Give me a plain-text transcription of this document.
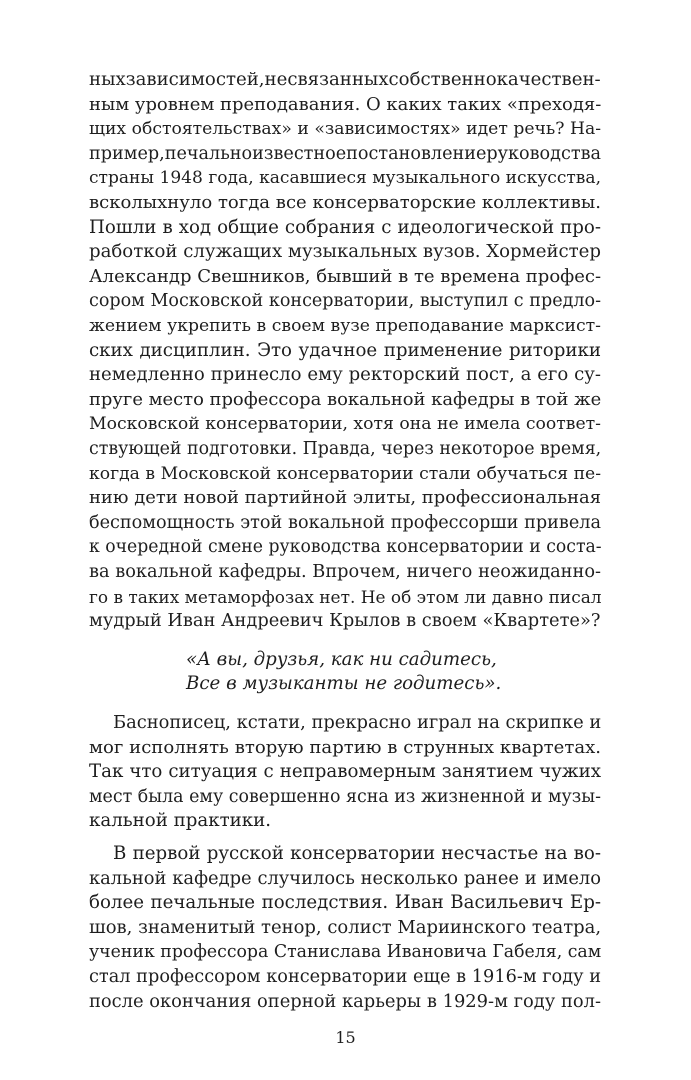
ныхзависимостей,несвязанныхсобственнокачествен-
ным уровнем преподавания. О каких таких «преходя-
щих обстоятельствах» и «зависимостях» идет речь? На-
пример,печальноизвестноепостановлениеруководства
страны 1948 года, касавшиеся музыкального искусства,
всколыхнуло тогда все консерваторские коллективы.
Пошли в ход общие собрания с идеологической про-
работкой служащих музыкальных вузов. Хормейстер
Александр Свешников, бывший в те времена профес-
сором Московской консерватории, выступил с предло-
жением укрепить в своем вузе преподавание марксист-
ских дисциплин. Это удачное применение риторики
немедленно принесло ему ректорский пост, а его су-
пруге место профессора вокальной кафедры в той же
Московской консерватории, хотя она не имела соответ-
ствующей подготовки. Правда, через некоторое время,
когда в Московской консерватории стали обучаться пе-
нию дети новой партийной элиты, профессиональная
беспомощность этой вокальной профессорши привела
к очередной смене руководства консерватории и соста-
ва вокальной кафедры. Впрочем, ничего неожиданно-
го в таких метаморфозах нет. Не об этом ли давно писал
мудрый Иван Андреевич Крылов в своем «Квартете»?
«А вы, друзья, как ни садитесь,
Все в музыканты не годитесь».
Баснописец, кстати, прекрасно играл на скрипке и
мог исполнять вторую партию в струнных квартетах.
Так что ситуация с неправомерным занятием чужих
мест была ему совершенно ясна из жизненной и музы-
кальной практики.
В первой русской консерватории несчастье на во-
кальной кафедре случилось несколько ранее и имело
более печальные последствия. Иван Васильевич Ер-
шов, знаменитый тенор, солист Мариинского театра,
ученик профессора Станислава Ивановича Габеля, сам
стал профессором консерватории еще в 1916-м году и
после окончания оперной карьеры в 1929-м году пол-
15
